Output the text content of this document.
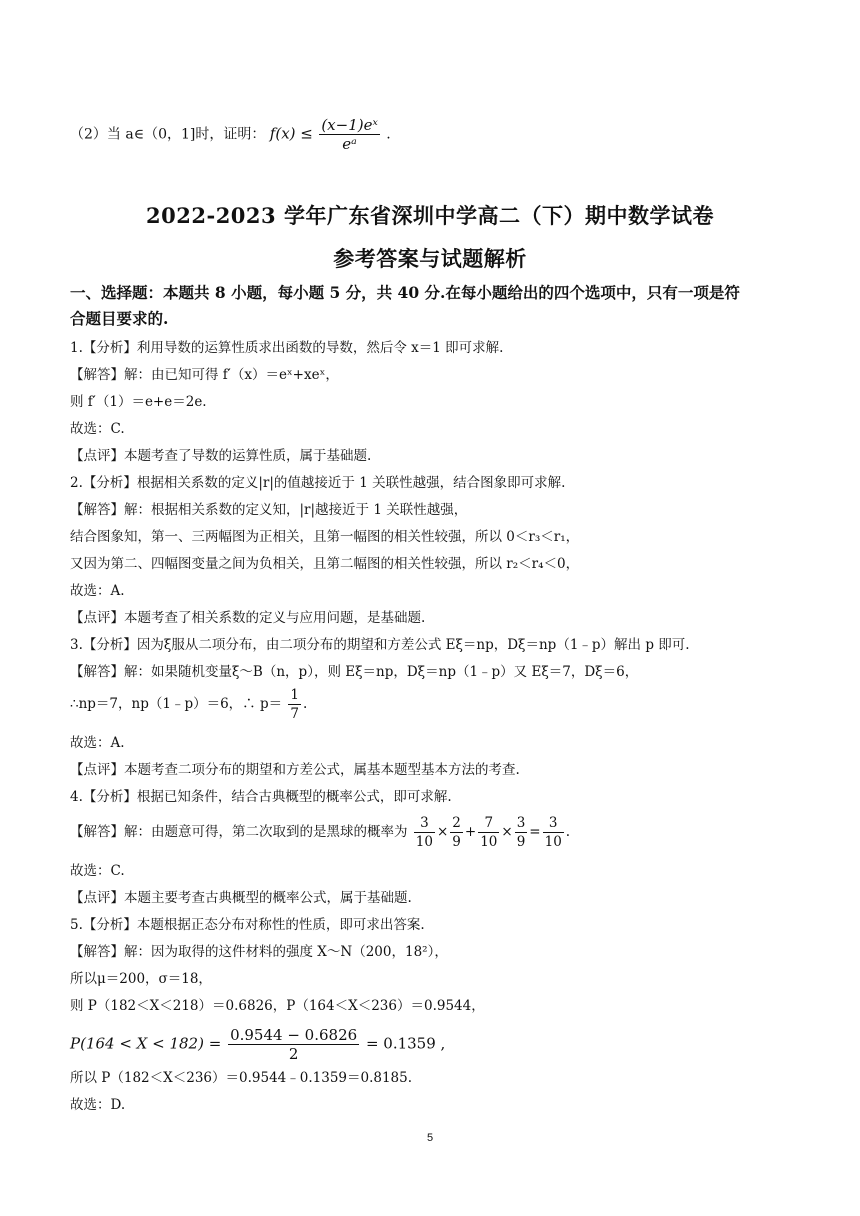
（2）当 a∈（0，1]时，证明： $f(x) \le \frac{\text{(x−1)eˣ}}{\text{eᵃ}}$ .
2022-2023 学年广东省深圳中学高二（下）期中数学试卷
参考答案与试题解析
一、选择题：本题共 8 小题，每小题 5 分，共 40 分.在每小题给出的四个选项中，只有一项是符
合题目要求的.
1.【分析】利用导数的运算性质求出函数的导数，然后令 x＝1 即可求解.
【解答】解：由已知可得 f′（x）＝eˣ+xeˣ，
则 f′（1）＝e+e＝2e.
故选：C.
【点评】本题考查了导数的运算性质，属于基础题.
2.【分析】根据相关系数的定义|r|的值越接近于 1 关联性越强，结合图象即可求解.
【解答】解：根据相关系数的定义知，|r|越接近于 1 关联性越强，
结合图象知，第一、三两幅图为正相关，且第一幅图的相关性较强，所以 0＜r₃＜r₁，
又因为第二、四幅图变量之间为负相关，且第二幅图的相关性较强，所以 r₂＜r₄＜0，
故选：A.
【点评】本题考查了相关系数的定义与应用问题，是基础题.
3.【分析】因为ξ服从二项分布，由二项分布的期望和方差公式 Eξ＝np，Dξ＝np（1﹣p）解出 p 即可.
【解答】解：如果随机变量ξ～B（n，p），则 Eξ＝np，Dξ＝np（1﹣p）又 Eξ＝7，Dξ＝6，
∴np＝7，np（1﹣p）＝6，∴ $p= \frac{1}{7}$ .
故选：A.
【点评】本题考查二项分布的期望和方差公式，属基本题型基本方法的考查.
4.【分析】根据已知条件，结合古典概型的概率公式，即可求解.
【解答】解：由题意可得，第二次取到的是黑球的概率为 $\frac{3}{10} \times \frac{2}{9} + \frac{7}{10} \times \frac{3}{9} = \frac{3}{10}$ .
故选：C.
【点评】本题主要考查古典概型的概率公式，属于基础题.
5.【分析】本题根据正态分布对称性的性质，即可求出答案.
【解答】解：因为取得的这件材料的强度 X～N（200，18²），
所以μ＝200，σ＝18，
则 P（182＜X＜218）＝0.6826，P（164＜X＜236）＝0.9544，
$P(164 < X < 182) = \frac{0.9544 - 0.6826}{2} = 0.1359$ ,
所以 P（182＜X＜236）＝0.9544﹣0.1359＝0.8185.
故选：D.
5
